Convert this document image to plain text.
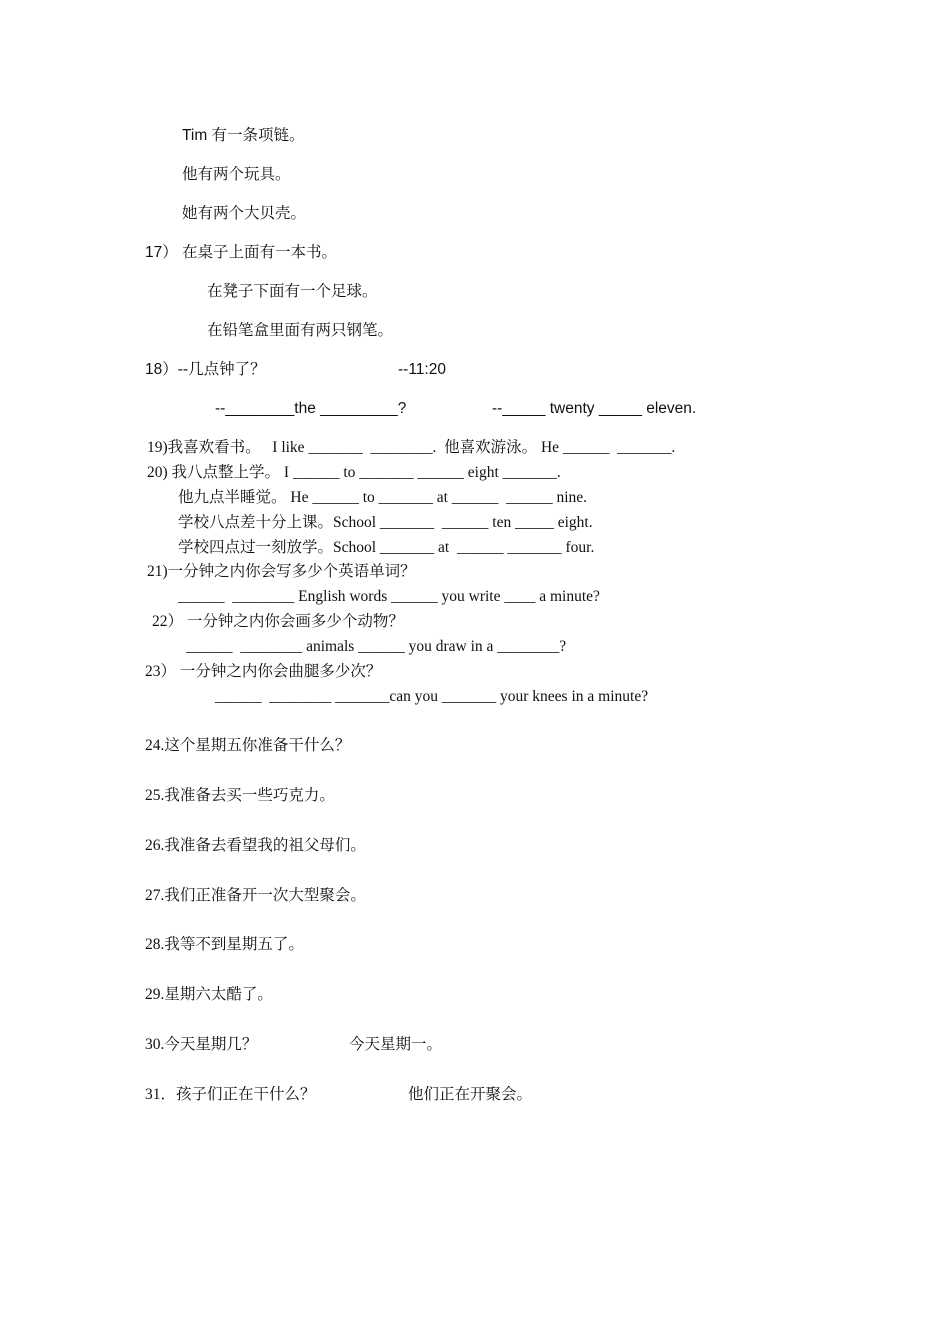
Tim 有一条项链。
他有两个玩具。
她有两个大贝壳。
17） 在桌子上面有一本书。
在凳子下面有一个足球。
在铅笔盒里面有两只钢笔。
18）--几点钟了？	--11:20
--________the _________?	--_____ twenty _____ eleven.
19)我喜欢看书。   I like _______  ________.  他喜欢游泳。 He ______  _______.
20) 我八点整上学。 I ______ to _______ ______ eight _______.
他九点半睡觉。 He ______ to _______ at ______  ______ nine.
学校八点差十分上课。School _______  ______ ten _____ eight.
学校四点过一刻放学。School _______ at  ______ _______ four.
21)一分钟之内你会写多少个英语单词？
______  ________ English words ______ you write ____ a minute?
22） 一分钟之内你会画多少个动物？
______  ________ animals ______ you draw in a ________?
23） 一分钟之内你会曲腿多少次？
______  ________ _______can you _______ your knees in a minute?
24.这个星期五你准备干什么？
25.我准备去买一些巧克力。
26.我准备去看望我的祖父母们。
27.我们正准备开一次大型聚会。
28.我等不到星期五了。
29.星期六太酷了。
30.今天星期几？	今天星期一。
31．孩子们正在干什么？	他们正在开聚会。
